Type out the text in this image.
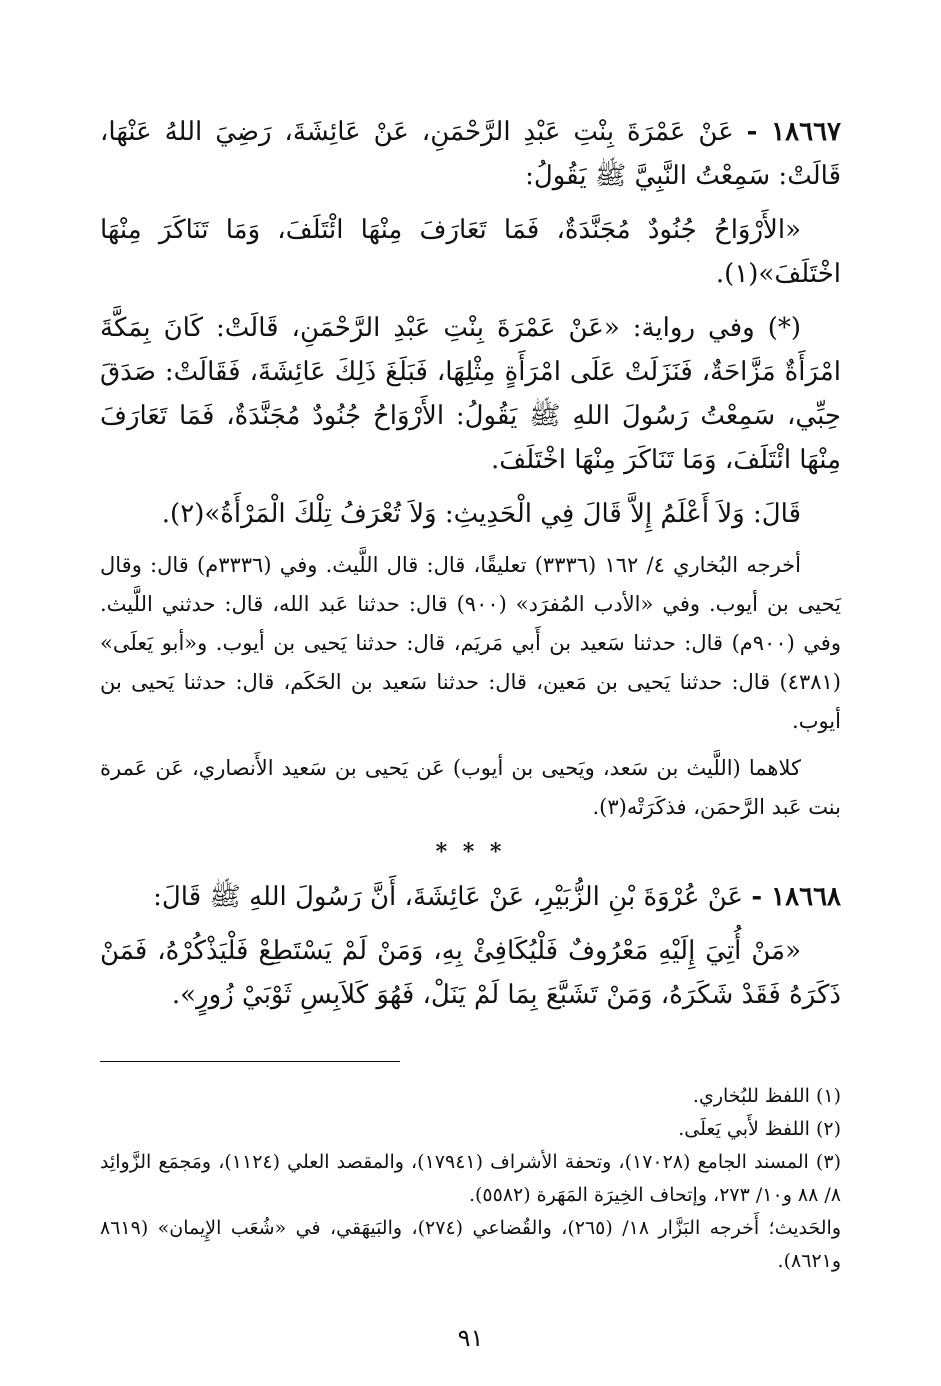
١٨٦٦٧ - عَنْ عَمْرَةَ بِنْتِ عَبْدِ الرَّحْمَنِ، عَنْ عَائِشَةَ، رَضِيَ اللهُ عَنْهَا، قَالَتْ: سَمِعْتُ النَّبِيَّ ﷺ يَقُولُ:

«الأَرْوَاحُ جُنُودٌ مُجَنَّدَةٌ، فَمَا تَعَارَفَ مِنْهَا ائْتَلَفَ، وَمَا تَنَاكَرَ مِنْهَا اخْتَلَفَ»(١).

(*) وفي رواية: «عَنْ عَمْرَةَ بِنْتِ عَبْدِ الرَّحْمَنِ، قَالَتْ: كَانَ بِمَكَّةَ امْرَأَةٌ مَزَّاحَةٌ، فَنَزَلَتْ عَلَى امْرَأَةٍ مِثْلِهَا، فَبَلَغَ ذَلِكَ عَائِشَةَ، فَقَالَتْ: صَدَقَ حِبِّي، سَمِعْتُ رَسُولَ اللهِ ﷺ يَقُولُ: الأَرْوَاحُ جُنُودٌ مُجَنَّدَةٌ، فَمَا تَعَارَفَ مِنْهَا ائْتَلَفَ، وَمَا تَنَاكَرَ مِنْهَا اخْتَلَفَ.

قَالَ: وَلاَ أَعْلَمُ إِلاَّ قَالَ فِي الْحَدِيثِ: وَلاَ تُعْرَفُ تِلْكَ الْمَرْأَةُ»(٢).

أخرجه البُخاري ٤/ ١٦٢ (٣٣٣٦) تعليقًا، قال: قال اللَّيث. وفي (٣٣٣٦م) قال: وقال يَحيى بن أيوب. وفي «الأدب المُفرَد» (٩٠٠) قال: حدثنا عَبد الله، قال: حدثني اللَّيث. وفي (٩٠٠م) قال: حدثنا سَعيد بن أَبي مَريَم، قال: حدثنا يَحيى بن أيوب. و«أبو يَعلَى» (٤٣٨١) قال: حدثنا يَحيى بن مَعين، قال: حدثنا سَعيد بن الحَكَم، قال: حدثنا يَحيى بن أيوب.

كلاهما (اللَّيث بن سَعد، ويَحيى بن أيوب) عَن يَحيى بن سَعيد الأَنصاري، عَن عَمرة بنت عَبد الرَّحمَن، فذكَرَتْه(٣).

* * *

١٨٦٦٨ - عَنْ عُرْوَةَ بْنِ الزُّبَيْرِ، عَنْ عَائِشَةَ، أَنَّ رَسُولَ اللهِ ﷺ قَالَ:

«مَنْ أُتِيَ إِلَيْهِ مَعْرُوفٌ فَلْيُكَافِئْ بِهِ، وَمَنْ لَمْ يَسْتَطِعْ فَلْيَذْكُرْهُ، فَمَنْ ذَكَرَهُ فَقَدْ شَكَرَهُ، وَمَنْ تَشَبَّعَ بِمَا لَمْ يَنَلْ، فَهُوَ كَلاَبِسِ ثَوْبَيْ زُورٍ».

(١) اللفظ للبُخاري.

(٢) اللفظ لأَبي يَعلَى.

(٣) المسند الجامع (١٧٠٢٨)، وتحفة الأشراف (١٧٩٤١)، والمقصد العلي (١١٢٤)، ومَجمَع الزَّوائِد ٨/ ٨٨ و١٠/ ٢٧٣، وإتحاف الخِيرَة المَهَرة (٥٥٨٢).

والحَديث؛ أَخرجه البَزَّار ١٨/ (٢٦٥)، والقُضاعي (٢٧٤)، والبَيهَقي، في «شُعَب الإِيمان» (٨٦١٩ و٨٦٢١).

٩١
